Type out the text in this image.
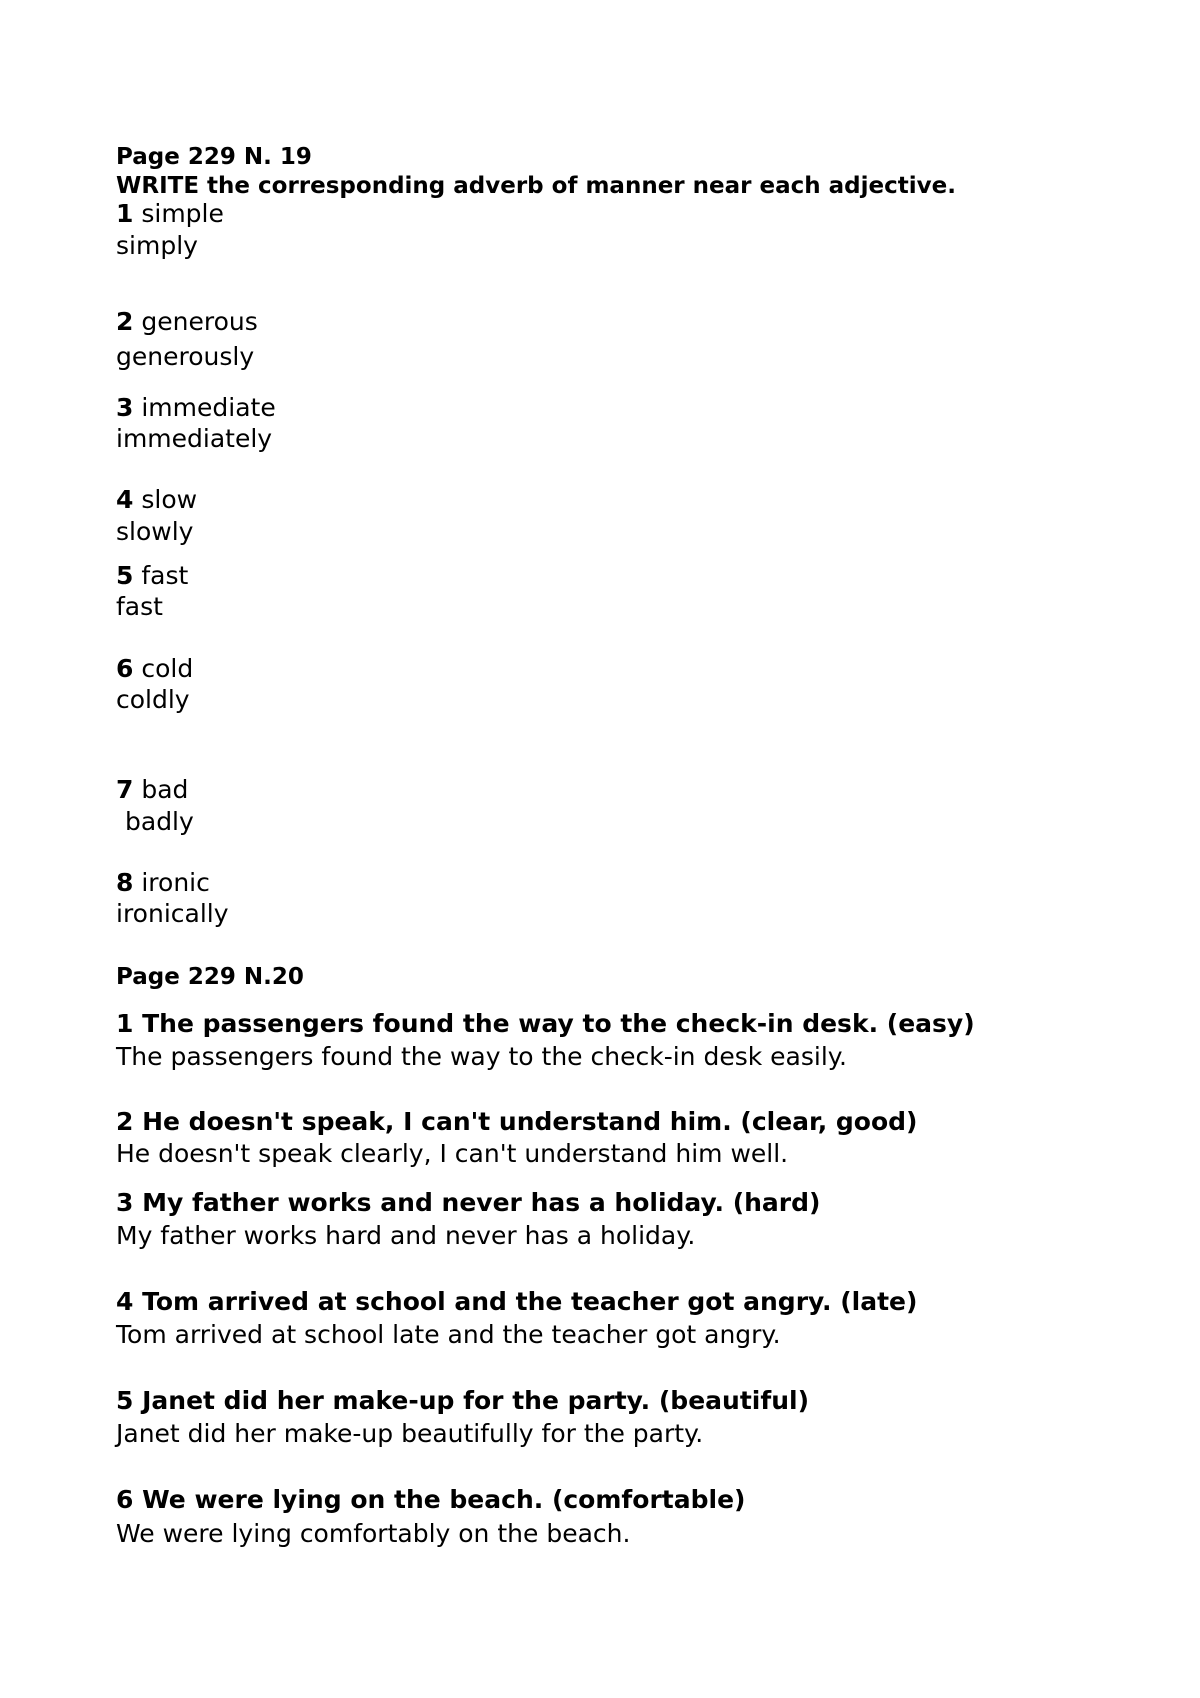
Page 229 N. 19

WRITE the corresponding adverb of manner near each adjective.

1 simple

simply

2 generous

generously

3 immediate

immediately

4 slow

slowly

5 fast

fast

6 cold

coldly

7 bad

badly

8 ironic

ironically

Page 229 N.20

1 The passengers found the way to the check-in desk. (easy)

The passengers found the way to the check-in desk easily.

2 He doesn't speak, I can't understand him. (clear, good)

He doesn't speak clearly, I can't understand him well.

3 My father works and never has a holiday. (hard)

My father works hard and never has a holiday.

4 Tom arrived at school and the teacher got angry. (late)

Tom arrived at school late and the teacher got angry.

5 Janet did her make-up for the party. (beautiful)

Janet did her make-up beautifully for the party.

6 We were lying on the beach. (comfortable)

We were lying comfortably on the beach.
